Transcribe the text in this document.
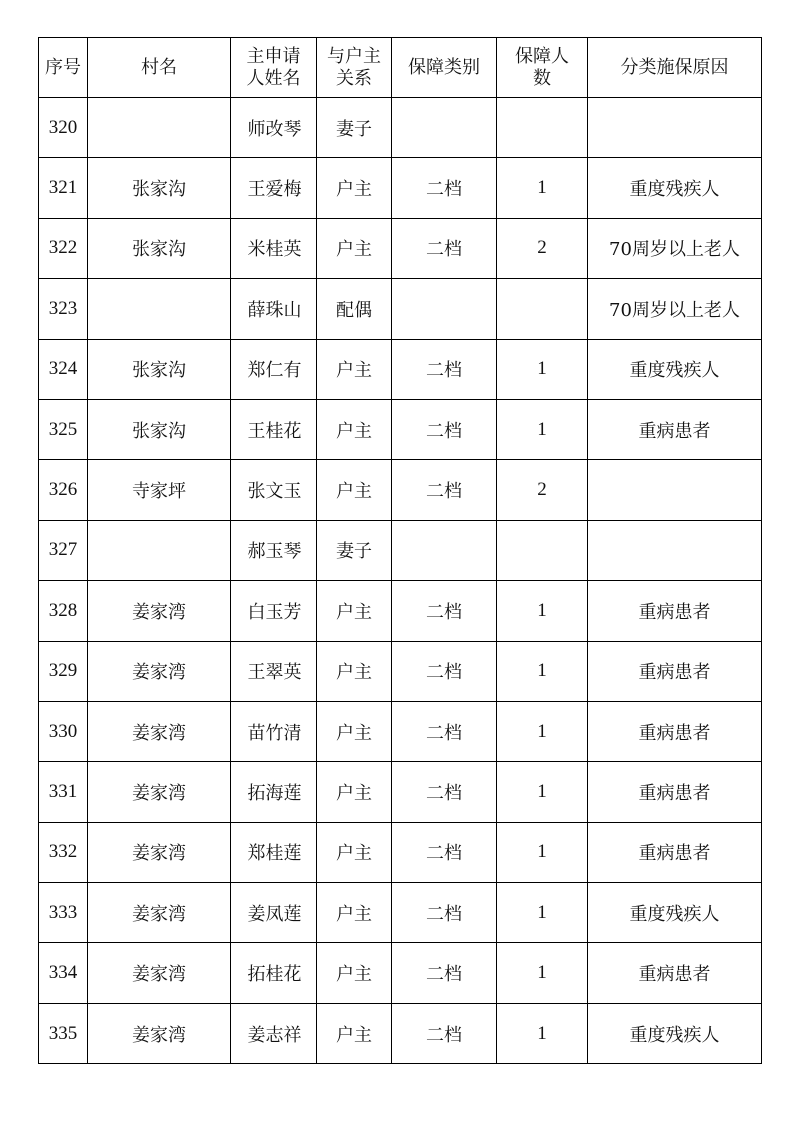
序号	村名	主申请人姓名	与户主关系	保障类别	保障人数	分类施保原因
320		师改琴	妻子			
321	张家沟	王爱梅	户主	二档	1	重度残疾人
322	张家沟	米桂英	户主	二档	2	70周岁以上老人
323		薛珠山	配偶			70周岁以上老人
324	张家沟	郑仁有	户主	二档	1	重度残疾人
325	张家沟	王桂花	户主	二档	1	重病患者
326	寺家坪	张文玉	户主	二档	2	
327		郝玉琴	妻子			
328	姜家湾	白玉芳	户主	二档	1	重病患者
329	姜家湾	王翠英	户主	二档	1	重病患者
330	姜家湾	苗竹清	户主	二档	1	重病患者
331	姜家湾	拓海莲	户主	二档	1	重病患者
332	姜家湾	郑桂莲	户主	二档	1	重病患者
333	姜家湾	姜凤莲	户主	二档	1	重度残疾人
334	姜家湾	拓桂花	户主	二档	1	重病患者
335	姜家湾	姜志祥	户主	二档	1	重度残疾人
